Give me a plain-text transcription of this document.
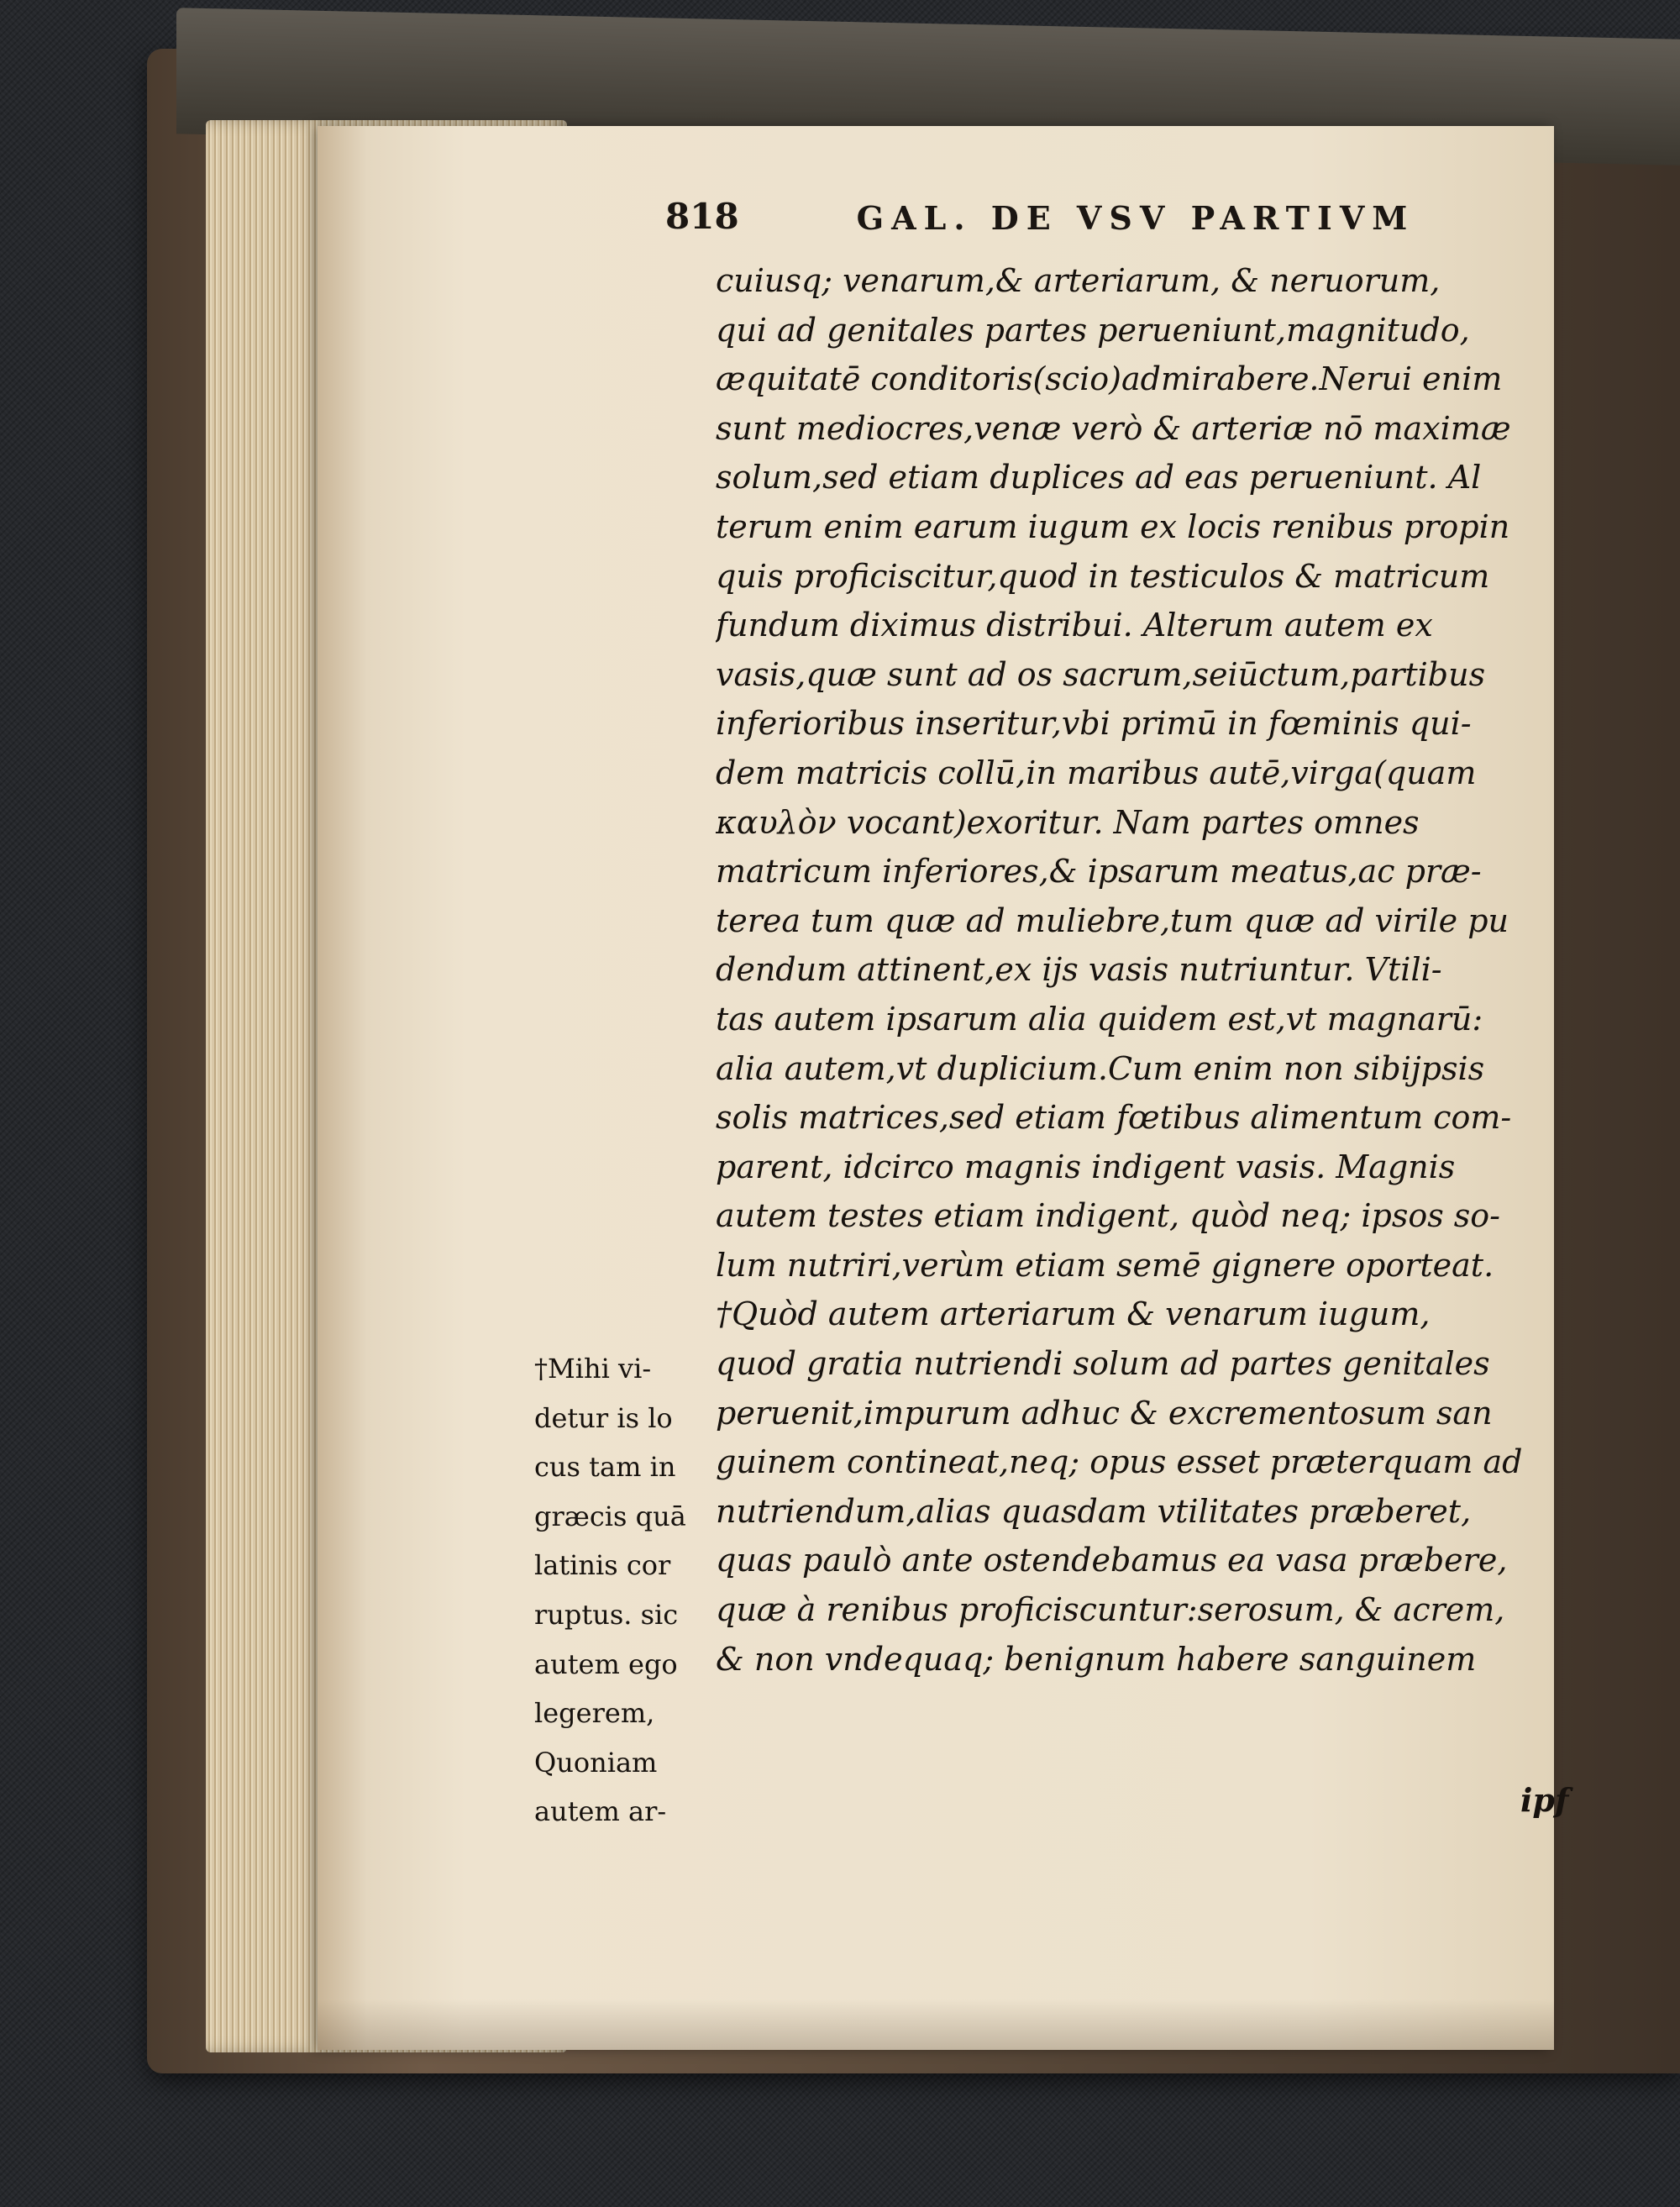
818	GAL. DE VSV PARTIVM
cuiusq; venarum,& arteriarum, & neruorum,
qui ad genitales partes perueniunt,magnitudo,
æquitatē conditoris(scio)admirabere.Nerui enim
sunt mediocres,venæ verò & arteriæ nō maximæ
solum,sed etiam duplices ad eas perueniunt. Al
terum enim earum iugum ex locis renibus propin
quis proficiscitur,quod in testiculos & matricum
fundum diximus distribui. Alterum autem ex
vasis,quæ sunt ad os sacrum,seiūctum,partibus
inferioribus inseritur,vbi primū in fœminis qui-
dem matricis collū,in maribus autē,virga(quam
καυλὸν vocant)exoritur. Nam partes omnes
matricum inferiores,& ipsarum meatus,ac præ-
terea tum quæ ad muliebre,tum quæ ad virile pu
dendum attinent,ex ijs vasis nutriuntur. Vtili-
tas autem ipsarum alia quidem est,vt magnarū:
alia autem,vt duplicium.Cum enim non sibijpsis
solis matrices,sed etiam fœtibus alimentum com-
parent, idcirco magnis indigent vasis. Magnis
autem testes etiam indigent, quòd neq; ipsos so-
lum nutriri,verùm etiam semē gignere oporteat.
†Quòd autem arteriarum & venarum iugum,
quod gratia nutriendi solum ad partes genitales
peruenit,impurum adhuc & excrementosum san
guinem contineat,neq; opus esset præterquam ad
nutriendum,alias quasdam vtilitates præberet,
quas paulò ante ostendebamus ea vasa præbere,
quæ à renibus proficiscuntur:serosum, & acrem,
& non vndequaq; benignum habere sanguinem
†Mihi vi-
detur is lo
cus tam in
græcis quā
latinis cor
ruptus. sic
autem ego
legerem,
Quoniam
autem ar-	ipf
